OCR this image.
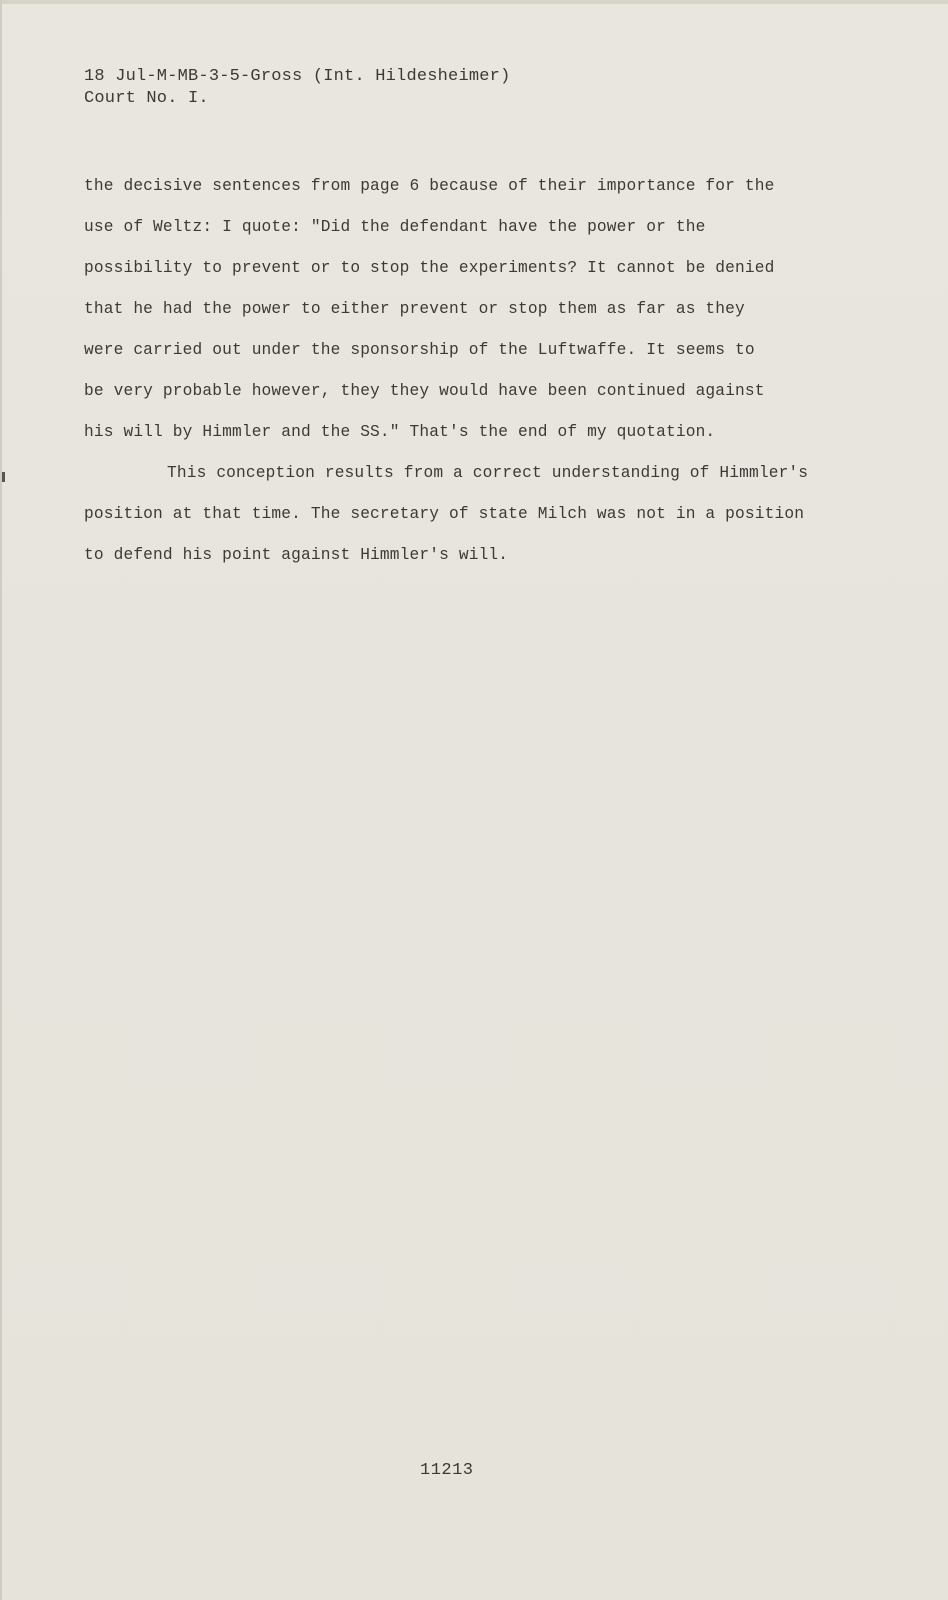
18 Jul-M-MB-3-5-Gross (Int. Hildesheimer)
Court No. I.
the decisive sentences from page 6 because of their importance for the
use of Weltz: I quote: "Did the defendant have the power or the
possibility to prevent or to stop the experiments? It cannot be denied
that he had the power to either prevent or stop them as far as they
were carried out under the sponsorship of the Luftwaffe. It seems to
be very probable however, they they would have been continued against
his will by Himmler and the SS." That's the end of my quotation.
This conception results from a correct understanding of Himmler's
position at that time. The secretary of state Milch was not in a position
to defend his point against Himmler's will.
11213
